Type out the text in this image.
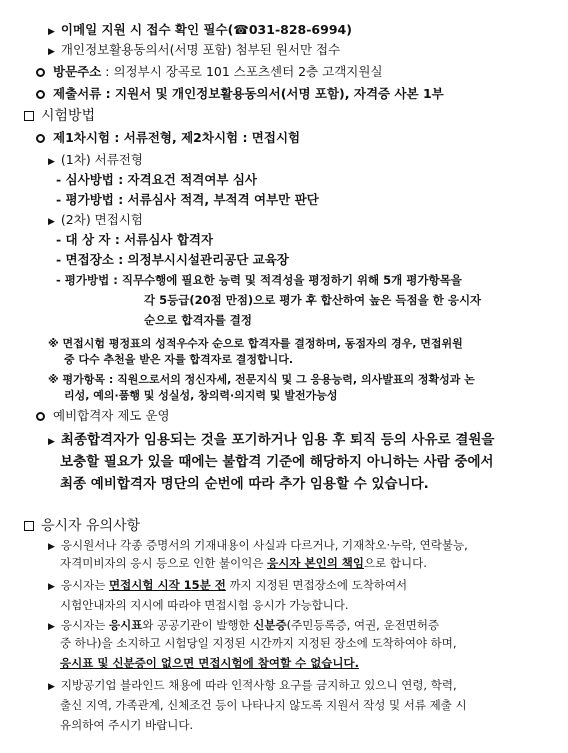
▶ 이메일 지원 시 접수 확인 필수(☎031-828-6994)
▶ 개인정보활용동의서(서명 포함) 첨부된 원서만 접수
방문주소 : 의정부시 장곡로 101 스포츠센터 2층 고객지원실
제출서류 : 지원서 및 개인정보활용동의서(서명 포함), 자격증 사본 1부
시험방법
제1차시험 : 서류전형, 제2차시험 : 면접시험
▶ (1차) 서류전형
- 심사방법 : 자격요건 적격여부 심사
- 평가방법 : 서류심사 적격, 부적격 여부만 판단
▶ (2차) 면접시험
- 대 상 자 : 서류심사 합격자
- 면접장소 : 의정부시시설관리공단 교육장
- 평가방법 : 직무수행에 필요한 능력 및 적격성을 평정하기 위해 5개 평가항목을
각 5등급(20점 만점)으로 평가 후 합산하여 높은 득점을 한 응시자
순으로 합격자를 결정
※ 면접시험 평정표의 성적우수자 순으로 합격자를 결정하며, 동점자의 경우, 면접위원
중 다수 추천을 받은 자를 합격자로 결정합니다.
※ 평가항목 : 직원으로서의 정신자세, 전문지식 및 그 응용능력, 의사발표의 정확성과 논
리성, 예의·품행 및 성실성, 창의력·의지력 및 발전가능성
예비합격자 제도 운영
▶ 최종합격자가 임용되는 것을 포기하거나 임용 후 퇴직 등의 사유로 결원을
보충할 필요가 있을 때에는 불합격 기준에 해당하지 아니하는 사람 중에서
최종 예비합격자 명단의 순번에 따라 추가 임용할 수 있습니다.
응시자 유의사항
▶ 응시원서나 각종 증명서의 기재내용이 사실과 다르거나, 기재착오·누락, 연락불능,
자격미비자의 응시 등으로 인한 불이익은 응시자 본인의 책임으로 합니다.
▶ 응시자는 면접시험 시작 15분 전 까지 지정된 면접장소에 도착하여서
시험안내자의 지시에 따라야 면접시험 응시가 가능합니다.
▶ 응시자는 응시표와 공공기관이 발행한 신분증(주민등록증, 여권, 운전면허증
중 하나)을 소지하고 시험당일 지정된 시간까지 지정된 장소에 도착하여야 하며,
응시표 및 신분증이 없으면 면접시험에 참여할 수 없습니다.
▶ 지방공기업 블라인드 채용에 따라 인적사항 요구를 금지하고 있으니 연령, 학력,
출신 지역, 가족관계, 신체조건 등이 나타나지 않도록 지원서 작성 및 서류 제출 시
유의하여 주시기 바랍니다.
